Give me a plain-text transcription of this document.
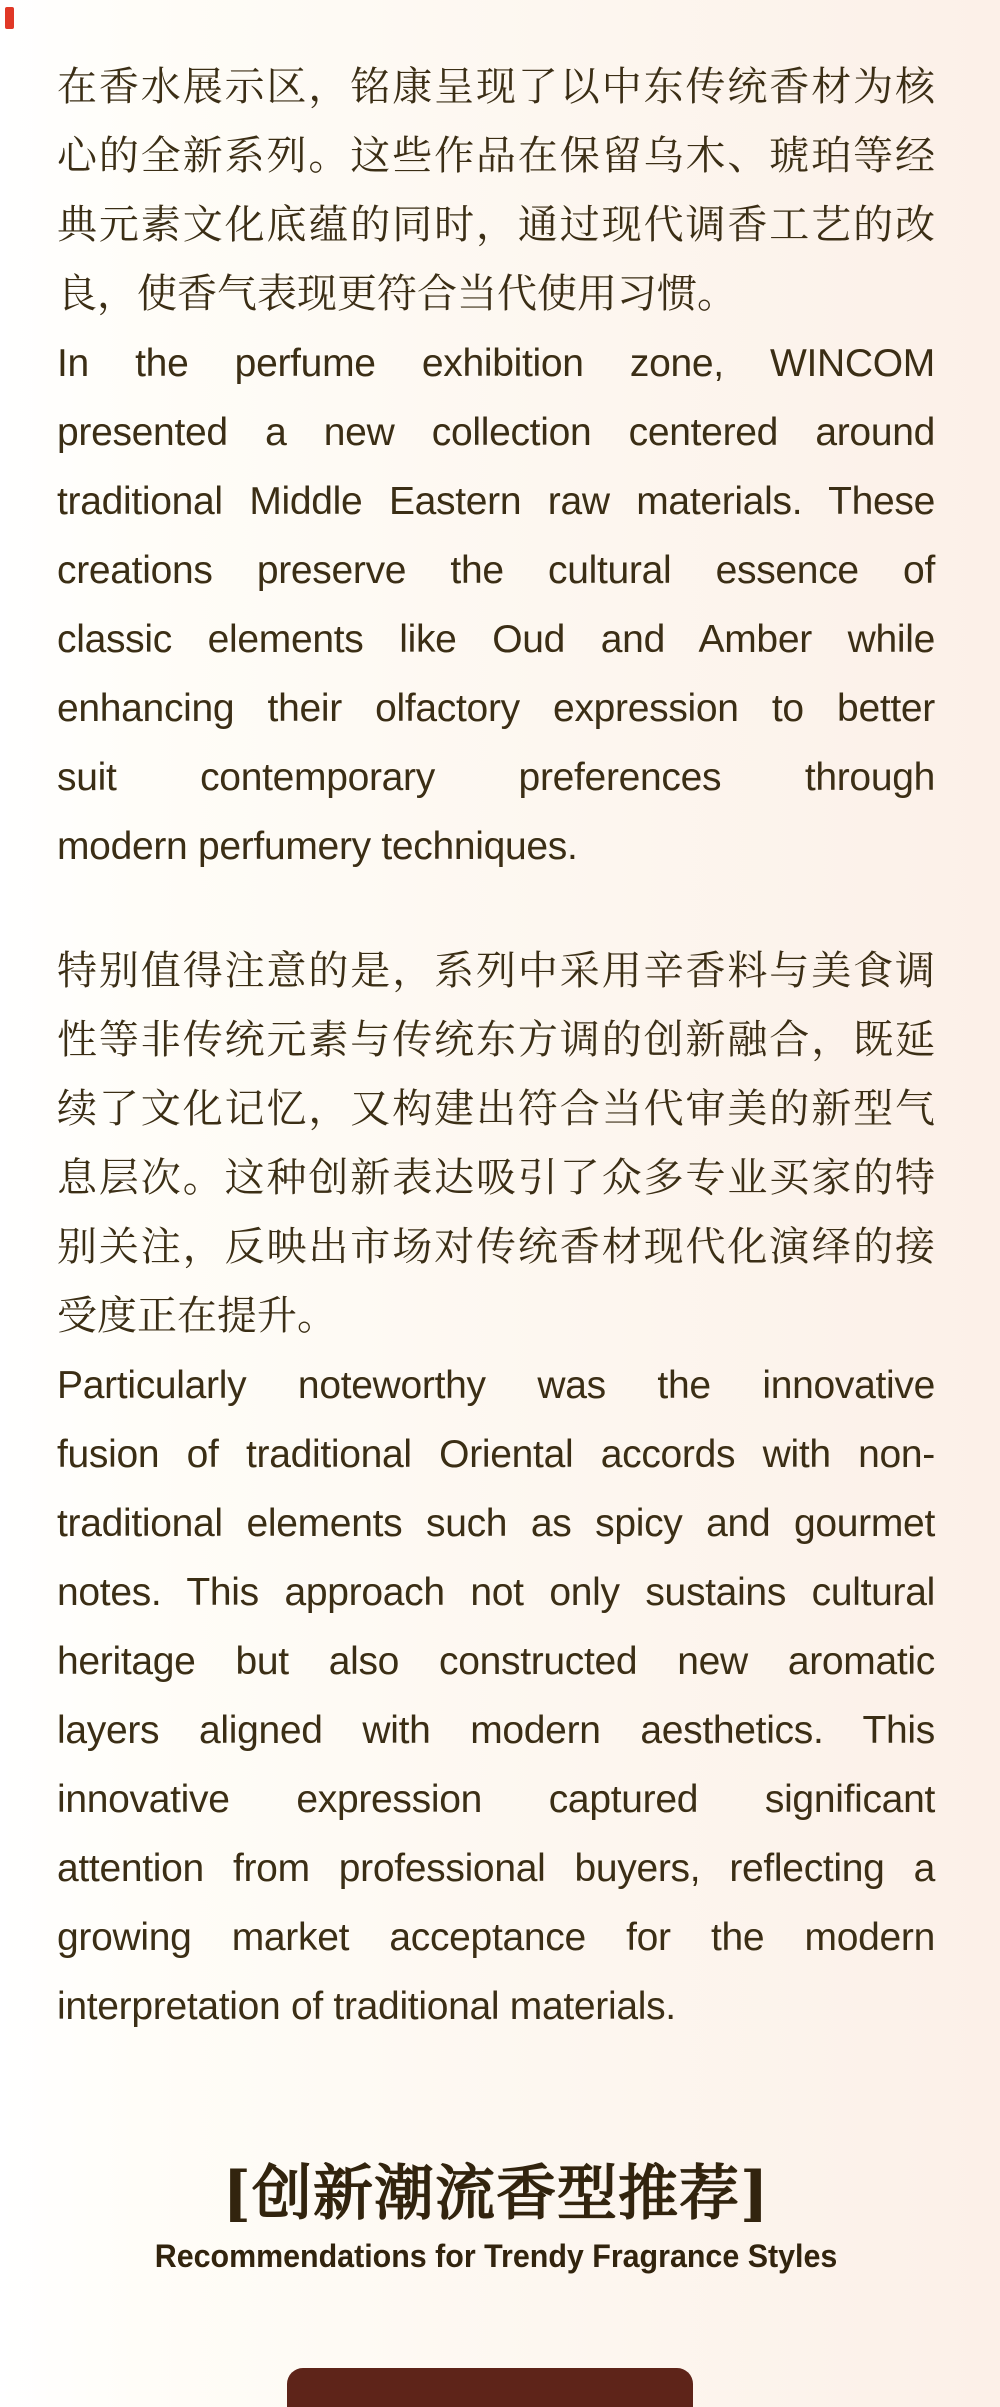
在香水展示区，铭康呈现了以中东传统香材为核
心的全新系列。这些作品在保留乌木、琥珀等经
典元素文化底蕴的同时，通过现代调香工艺的改
良，使香气表现更符合当代使用习惯。
In the perfume exhibition zone, WINCOM
presented a new collection centered around
traditional Middle Eastern raw materials. These
creations preserve the cultural essence of
classic elements like Oud and Amber while
enhancing their olfactory expression to better
suit contemporary preferences through
modern perfumery techniques.
特别值得注意的是，系列中采用辛香料与美食调
性等非传统元素与传统东方调的创新融合，既延
续了文化记忆，又构建出符合当代审美的新型气
息层次。这种创新表达吸引了众多专业买家的特
别关注，反映出市场对传统香材现代化演绎的接
受度正在提升。
Particularly noteworthy was the innovative
fusion of traditional Oriental accords with non-
traditional elements such as spicy and gourmet
notes. This approach not only sustains cultural
heritage but also constructed new aromatic
layers aligned with modern aesthetics. This
innovative expression captured significant
attention from professional buyers, reflecting a
growing market acceptance for the modern
interpretation of traditional materials.
[创新潮流香型推荐]
Recommendations for Trendy Fragrance Styles
